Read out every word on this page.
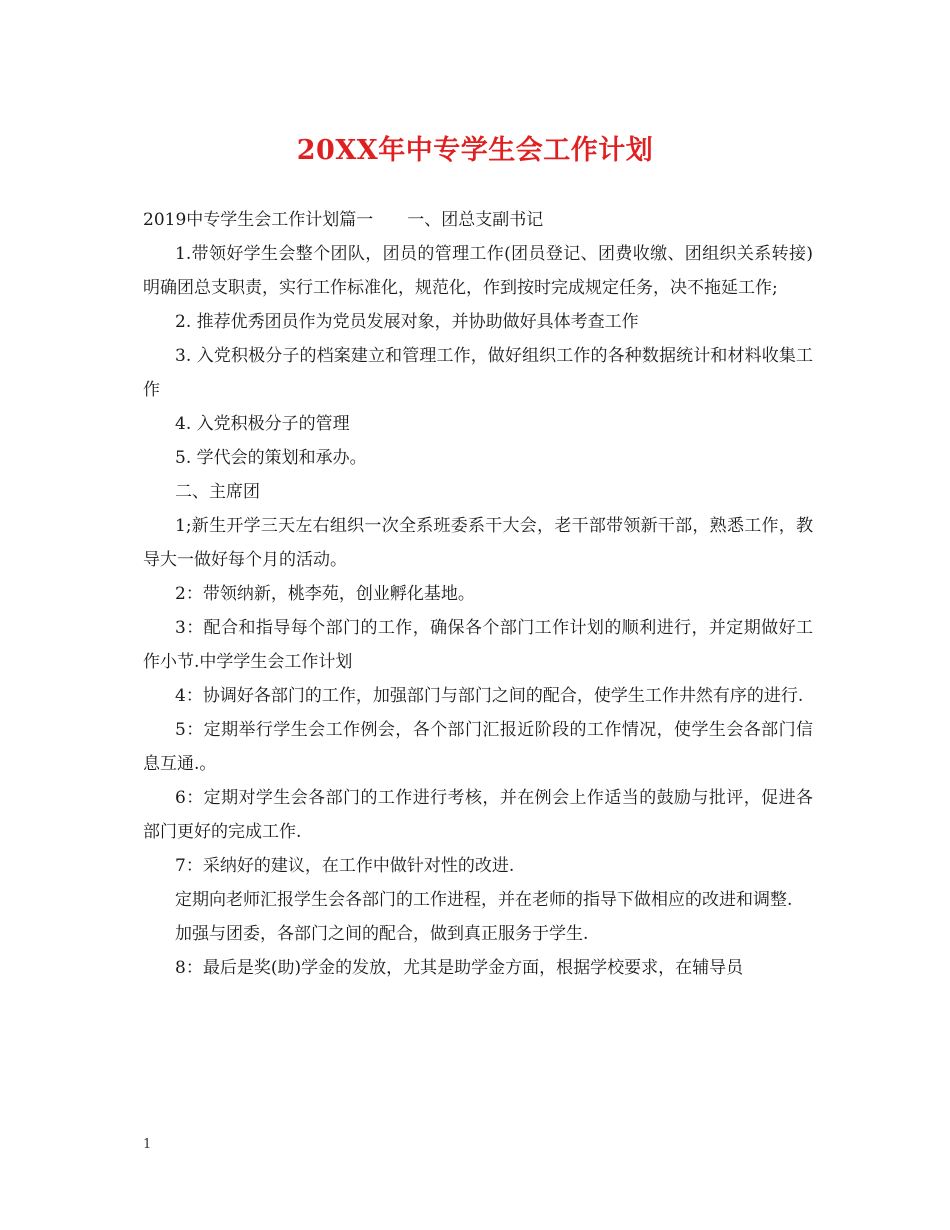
20XX年中专学生会工作计划

2019中专学生会工作计划篇一　　一、团总支副书记

1.带领好学生会整个团队，团员的管理工作(团员登记、团费收缴、团组织关系转接)明确团总支职责，实行工作标准化，规范化，作到按时完成规定任务，决不拖延工作;

2. 推荐优秀团员作为党员发展对象，并协助做好具体考查工作

3. 入党积极分子的档案建立和管理工作，做好组织工作的各种数据统计和材料收集工作

4. 入党积极分子的管理

5. 学代会的策划和承办。

二、主席团

1;新生开学三天左右组织一次全系班委系干大会，老干部带领新干部，熟悉工作，教导大一做好每个月的活动。

2：带领纳新，桃李苑，创业孵化基地。

3：配合和指导每个部门的工作，确保各个部门工作计划的顺利进行，并定期做好工作小节.中学学生会工作计划

4：协调好各部门的工作，加强部门与部门之间的配合，使学生工作井然有序的进行.

5：定期举行学生会工作例会，各个部门汇报近阶段的工作情况，使学生会各部门信息互通.。

6：定期对学生会各部门的工作进行考核，并在例会上作适当的鼓励与批评，促进各部门更好的完成工作.

7：采纳好的建议，在工作中做针对性的改进.

定期向老师汇报学生会各部门的工作进程，并在老师的指导下做相应的改进和调整.

加强与团委，各部门之间的配合，做到真正服务于学生.

8：最后是奖(助)学金的发放，尤其是助学金方面，根据学校要求，在辅导员

1
